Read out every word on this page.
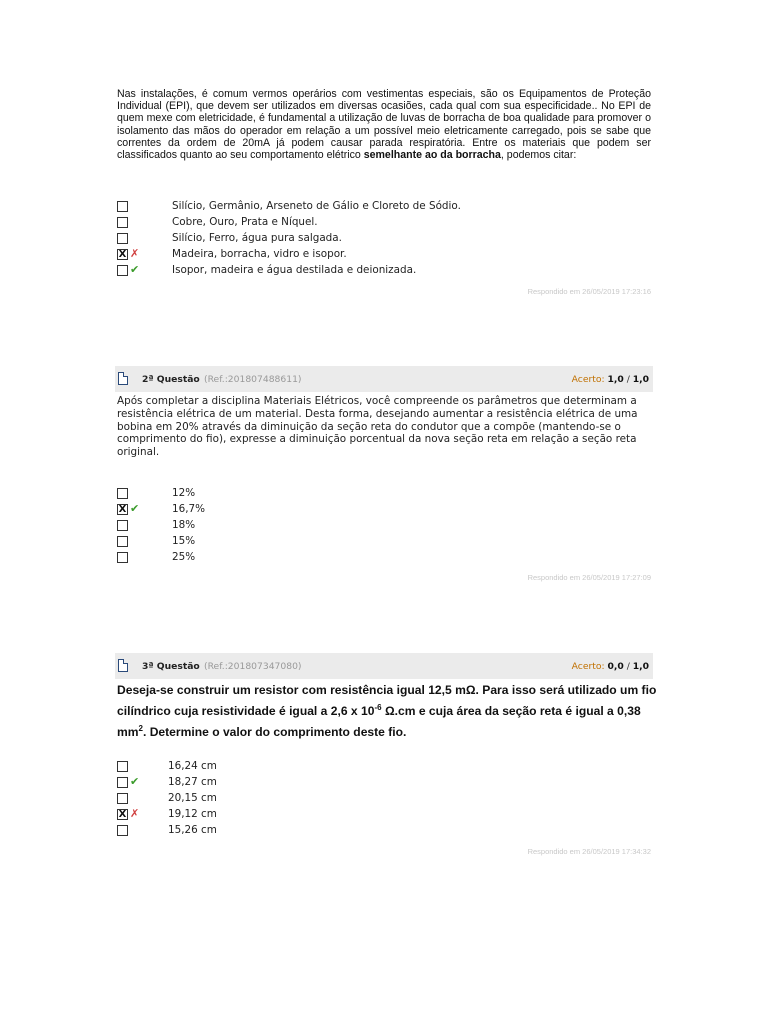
Nas instalações, é comum vermos operários com vestimentas especiais, são os Equipamentos de Proteção Individual (EPI), que devem ser utilizados em diversas ocasiões, cada qual com sua especificidade.. No EPI de quem mexe com eletricidade, é fundamental a utilização de luvas de borracha de boa qualidade para promover o isolamento das mãos do operador em relação a um possível meio eletricamente carregado, pois se sabe que correntes da ordem de 20mA já podem causar parada respiratória. Entre os materiais que podem ser classificados quanto ao seu comportamento elétrico semelhante ao da borracha, podemos citar:
Silício, Germânio, Arseneto de Gálio e Cloreto de Sódio.
Cobre, Ouro, Prata e Níquel.
Silício, Ferro, água pura salgada.
X ✗	Madeira, borracha, vidro e isopor.
✔	Isopor, madeira e água destilada e deionizada.
Respondido em 26/05/2019 17:23:16
2ª Questão (Ref.:201807488611)	Acerto: 1,0 / 1,0
Após completar a disciplina Materiais Elétricos, você compreende os parâmetros que determinam a resistência elétrica de um material. Desta forma, desejando aumentar a resistência elétrica de uma bobina em 20% através da diminuição da seção reta do condutor que a compõe (mantendo-se o comprimento do fio), expresse a diminuição porcentual da nova seção reta em relação a seção reta original.
12%
X ✔	16,7%
18%
15%
25%
Respondido em 26/05/2019 17:27:09
3ª Questão (Ref.:201807347080)	Acerto: 0,0 / 1,0
Deseja-se construir um resistor com resistência igual 12,5 mΩ. Para isso será utilizado um fio cilíndrico cuja resistividade é igual a 2,6 x $10^{-6}$ Ω.cm e cuja área da seção reta é igual a 0,38 $mm^2$. Determine o valor do comprimento deste fio.
16,24 cm
✔	18,27 cm
20,15 cm
X ✗	19,12 cm
15,26 cm
Respondido em 26/05/2019 17:34:32
